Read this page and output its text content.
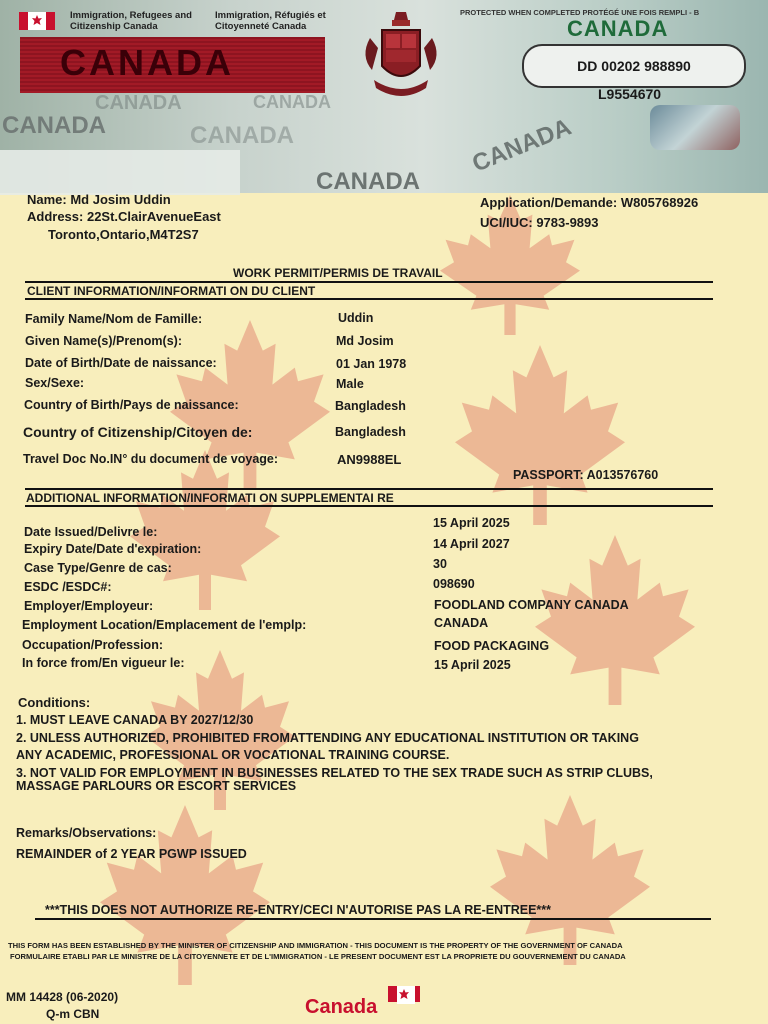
Immigration, Refugees and
Citizenship Canada
Immigration, Réfugiés et
Citoyenneté Canada
CANADA
CANADA	CANADA
CANADA	CANADA
CANADA
CANADA
PROTECTED WHEN COMPLETED PROTÉGÉ UNE FOIS REMPLI - B
CANADA
DD 00202 988890
L9554670
Name: Md Josim Uddin
Address: 22St.ClairAvenueEast
Toronto,Ontario,M4T2S7
Application/Demande: W805768926
UCI/IUC: 9783-9893
WORK PERMIT/PERMIS DE TRAVAIL
CLIENT INFORMATION/INFORMATI ON DU CLIENT
Family Name/Nom de Famille:	Uddin
Given Name(s)/Prenom(s):	Md Josim
Date of Birth/Date de naissance:	01 Jan 1978
Sex/Sexe:	Male
Country of Birth/Pays de naissance:	Bangladesh
Country of Citizenship/Citoyen de:	Bangladesh
Travel Doc No.IN° du document de voyage:	AN9988EL
PASSPORT: A013576760
ADDITIONAL INFORMATION/INFORMATI ON SUPPLEMENTAI RE
Date Issued/Delivre le:
15 April 2025
Expiry Date/Date d'expiration:	14 April 2027
Case Type/Genre de cas:	30
ESDC /ESDC#:	098690
Employer/Employeur:	FOODLAND COMPANY CANADA
Employment Location/Emplacement de l'emplp:	CANADA
Occupation/Profession:	FOOD PACKAGING
In force from/En vigueur le:	15 April 2025
Conditions:
1. MUST LEAVE CANADA BY 2027/12/30
2. UNLESS AUTHORIZED, PROHIBITED FROMATTENDING ANY EDUCATIONAL INSTITUTION OR TAKING
ANY ACADEMIC, PROFESSIONAL OR VOCATIONAL TRAINING COURSE.
3. NOT VALID FOR EMPLOYMENT IN BUSINESSES RELATED TO THE SEX TRADE SUCH AS STRIP CLUBS,
MASSAGE PARLOURS OR ESCORT SERVICES
Remarks/Observations:
REMAINDER of 2 YEAR PGWP ISSUED
***THIS DOES NOT AUTHORIZE RE-ENTRY/CECI N'AUTORISE PAS LA RE-ENTREE***
THIS FORM HAS BEEN ESTABLISHED BY THE MINISTER OF CITIZENSHIP AND IMMIGRATION - THIS DOCUMENT IS THE PROPERTY OF THE GOVERNMENT OF CANADA
FORMULAIRE ETABLI PAR LE MINISTRE DE LA CITOYENNETE ET DE L'IMMIGRATION - LE PRESENT DOCUMENT EST LA PROPRIETE DU GOUVERNEMENT DU CANADA
MM 14428 (06-2020)
Q-m CBN	Canada
